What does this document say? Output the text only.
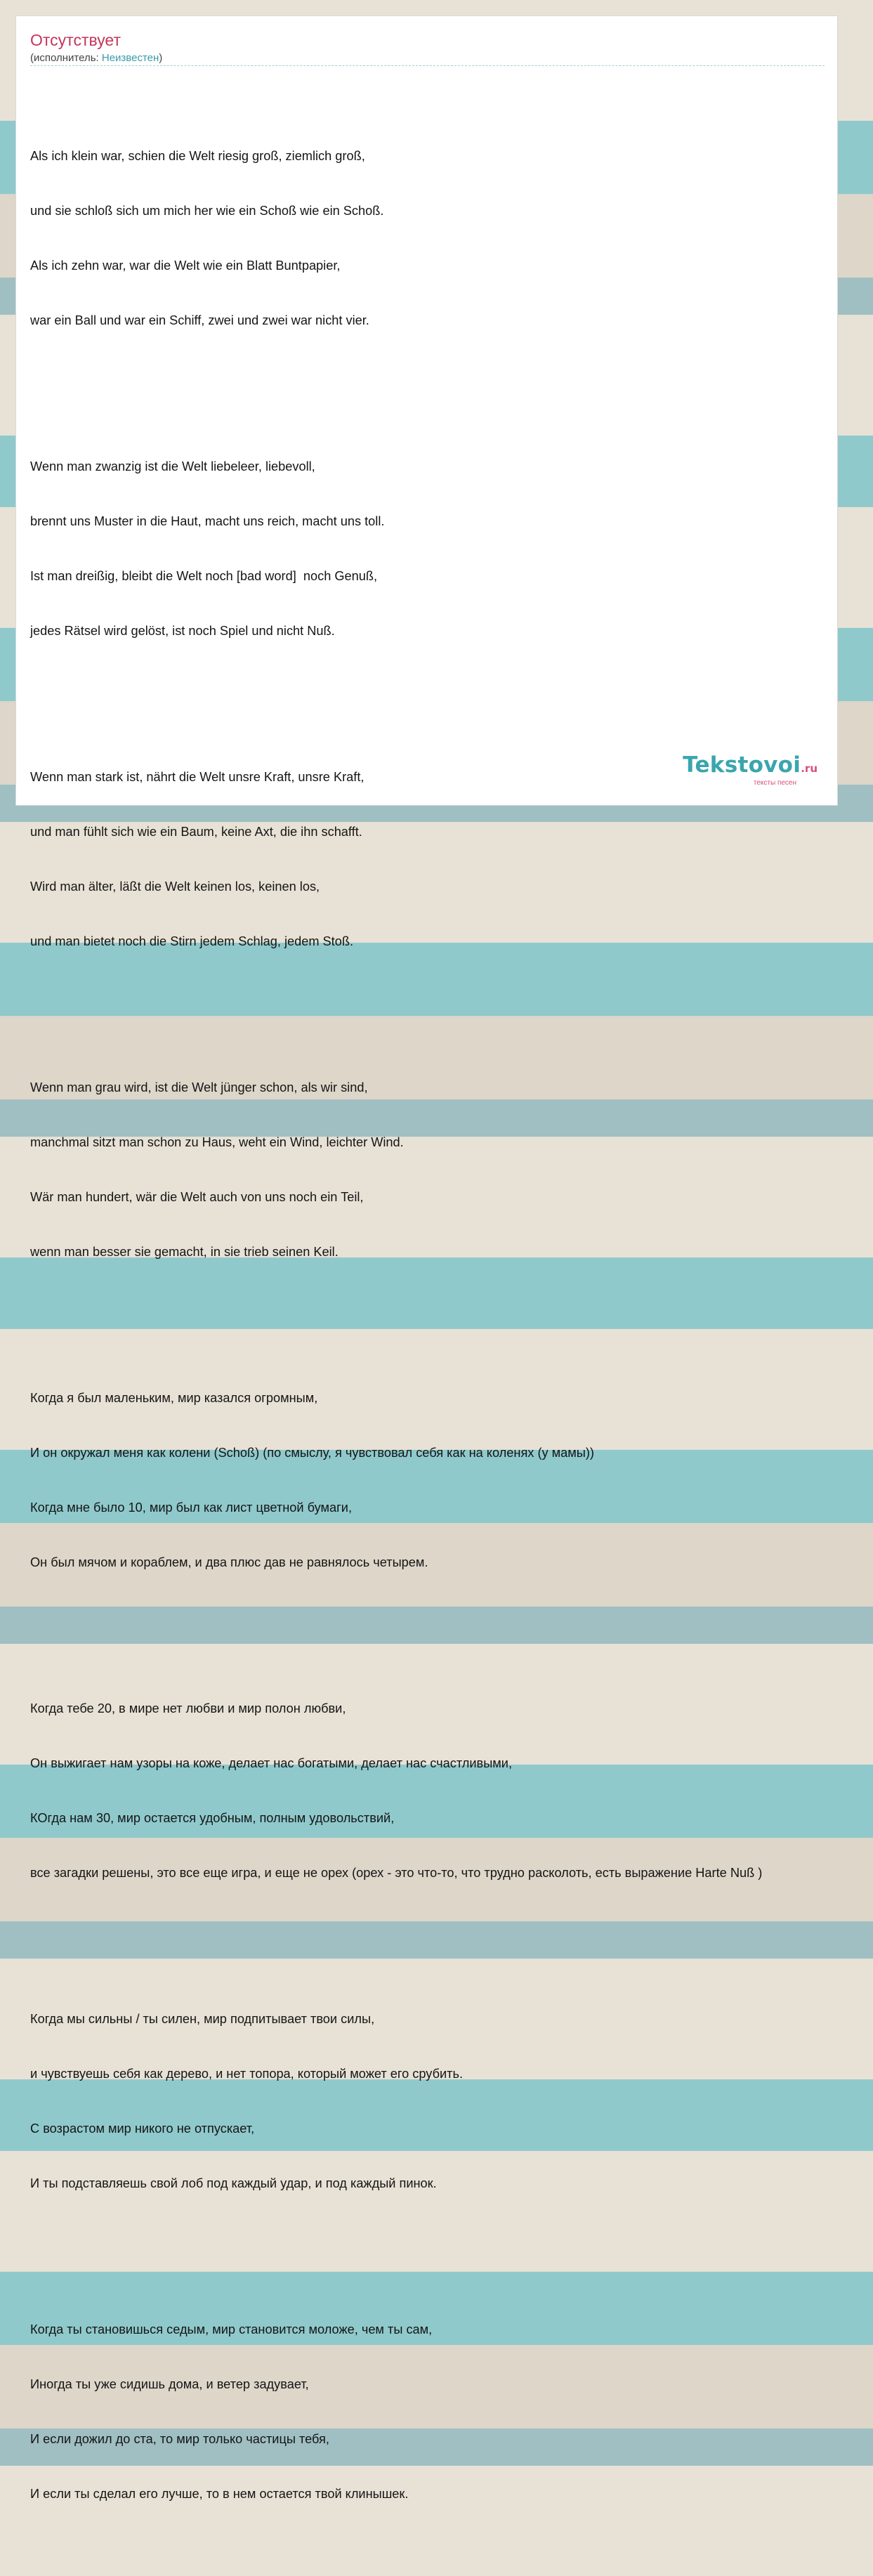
Отсутствует
(исполнитель: Неизвестен)

Als ich klein war, schien die Welt riesig groß, ziemlich groß,

und sie schloß sich um mich her wie ein Schoß wie ein Schoß.

Als ich zehn war, war die Welt wie ein Blatt Buntpapier,

war ein Ball und war ein Schiff, zwei und zwei war nicht vier.

Wenn man zwanzig ist die Welt liebeleer, liebevoll,

brennt uns Muster in die Haut, macht uns reich, macht uns toll.

Ist man dreißig, bleibt die Welt noch [bad word]  noch Genuß,

jedes Rätsel wird gelöst, ist noch Spiel und nicht Nuß.

Wenn man stark ist, nährt die Welt unsre Kraft, unsre Kraft,

und man fühlt sich wie ein Baum, keine Axt, die ihn schafft.

Wird man älter, läßt die Welt keinen los, keinen los,

und man bietet noch die Stirn jedem Schlag, jedem Stoß.

Wenn man grau wird, ist die Welt jünger schon, als wir sind,

manchmal sitzt man schon zu Haus, weht ein Wind, leichter Wind.

Wär man hundert, wär die Welt auch von uns noch ein Teil,

wenn man besser sie gemacht, in sie trieb seinen Keil.

Когда я был маленьким, мир казался огромным,

И он окружал меня как колени (Schoß) (по смыслу, я чувствовал себя как на коленях (у мамы))

Когда мне было 10, мир был как лист цветной бумаги,

Он был мячом и кораблем, и два плюс дав не равнялось четырем.

Когда тебе 20, в мире нет любви и мир полон любви,

Он выжигает нам узоры на коже, делает нас богатыми, делает нас счастливыми,

КОгда нам 30, мир остается удобным, полным удовольствий,

все загадки решены, это все еще игра, и еще не орех (орех - это что-то, что трудно расколоть, есть выражение Harte Nuß )

Когда мы сильны / ты силен, мир подпитывает твои силы,

и чувствуешь себя как дерево, и нет топора, который может его срубить.

С возрастом мир никого не отпускает,

И ты подставляешь свой лоб под каждый удар, и под каждый пинок.

Когда ты становишься седым, мир становится моложе, чем ты сам,

Иногда ты уже сидишь дома, и ветер задувает,

И если дожил до ста, то мир только частицы тебя,

И если ты сделал его лучше, то в нем остается твой клинышек.

Tekstovoi.ru
тексты песен
